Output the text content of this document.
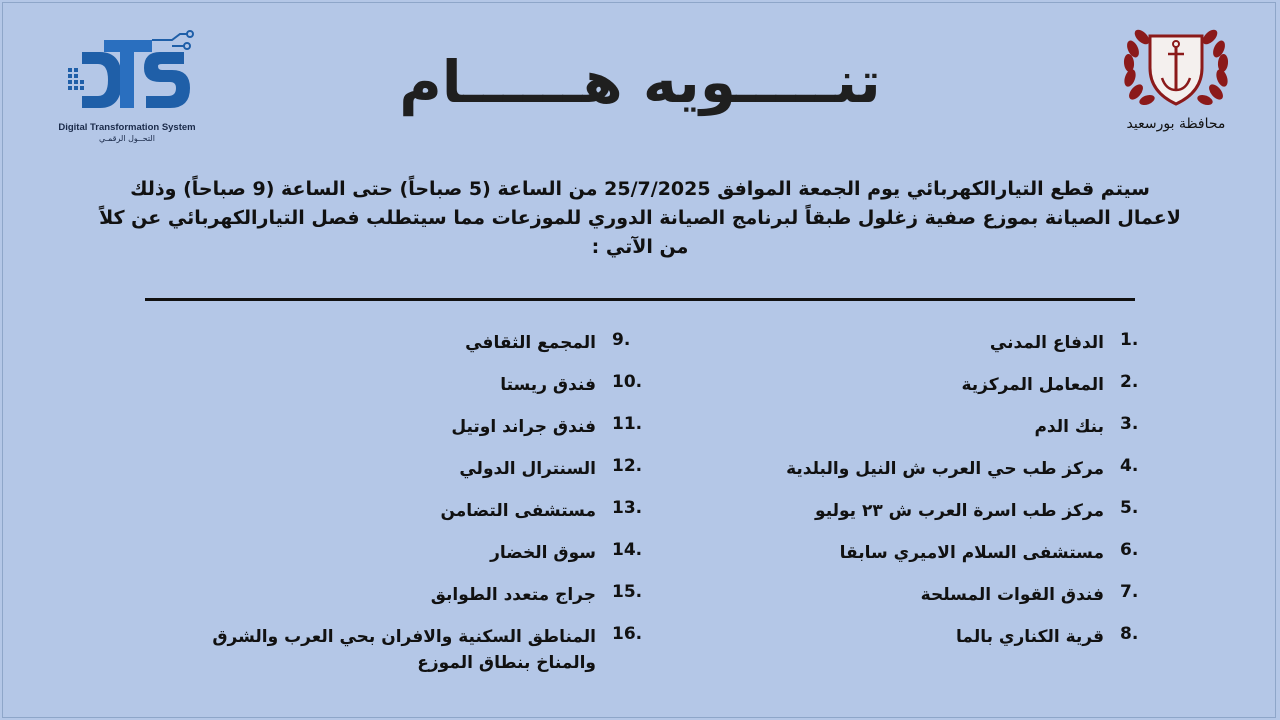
Digital Transformation System
التحــول الرقمـي
محافظة بورسعيد
تنـــــويه هــــــام
سيتم قطع التيارالكهربائي يوم الجمعة الموافق 25/7/2025 من الساعة (5 صباحاً) حتى الساعة (9 صباحاً) وذلك
لاعمال الصيانة بموزع صفية زغلول طبقاً لبرنامج الصيانة الدوري للموزعات مما سيتطلب فصل التيارالكهربائي عن كلاً
من الآتي :
1.
الدفاع المدني
2.
المعامل المركزية
3.
بنك الدم
4.
مركز طب حي العرب ش النيل والبلدية
5.
مركز طب اسرة العرب ش ٢٣ يوليو
6.
مستشفى السلام الاميري سابقا
7.
فندق القوات المسلحة
8.
قرية الكناري بالما
9.
المجمع الثقافي
10.
فندق ريستا
11.
فندق جراند اوتيل
12.
السنترال الدولي
13.
مستشفى التضامن
14.
سوق الخضار
15.
جراج متعدد الطوابق
16.
المناطق السكنية والافران بحي العرب والشرق والمناخ بنطاق الموزع
